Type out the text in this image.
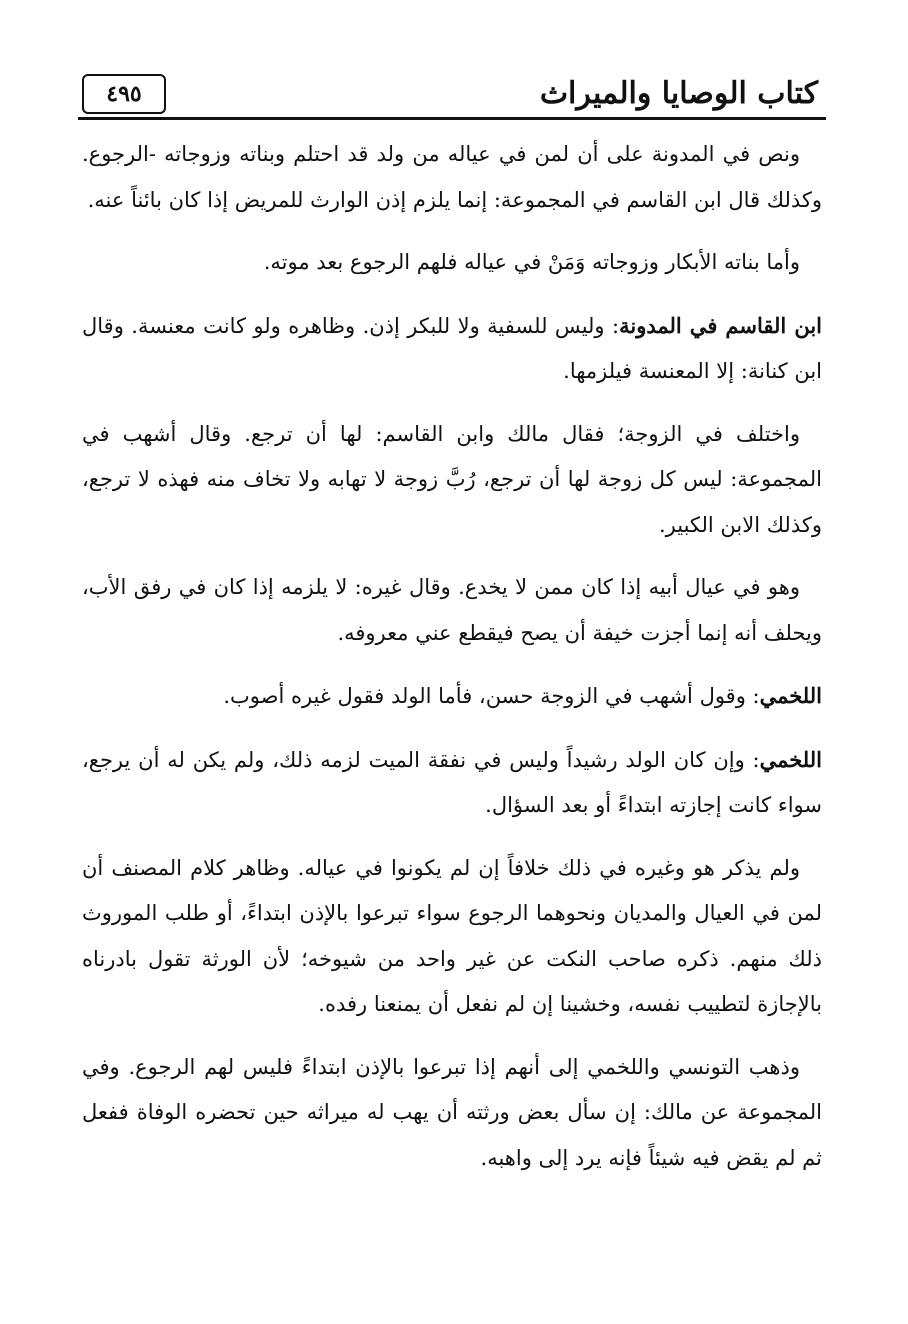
كتاب الوصايا والميراث
٤٩٥

ونص في المدونة على أن لمن في عياله من ولد قد احتلم وبناته وزوجاته -الرجوع. وكذلك قال ابن القاسم في المجموعة: إنما يلزم إذن الوارث للمريض إذا كان بائناً عنه.

وأما بناته الأبكار وزوجاته وَمَنْ في عياله فلهم الرجوع بعد موته.

ابن القاسم في المدونة: وليس للسفية ولا للبكر إذن. وظاهره ولو كانت معنسة. وقال ابن كنانة: إلا المعنسة فيلزمها.

واختلف في الزوجة؛ فقال مالك وابن القاسم: لها أن ترجع. وقال أشهب في المجموعة: ليس كل زوجة لها أن ترجع، رُبَّ زوجة لا تهابه ولا تخاف منه فهذه لا ترجع، وكذلك الابن الكبير.

وهو في عيال أبيه إذا كان ممن لا يخدع. وقال غيره: لا يلزمه إذا كان في رفق الأب، ويحلف أنه إنما أجزت خيفة أن يصح فيقطع عني معروفه.

اللخمي: وقول أشهب في الزوجة حسن، فأما الولد فقول غيره أصوب.

اللخمي: وإن كان الولد رشيداً وليس في نفقة الميت لزمه ذلك، ولم يكن له أن يرجع، سواء كانت إجازته ابتداءً أو بعد السؤال.

ولم يذكر هو وغيره في ذلك خلافاً إن لم يكونوا في عياله. وظاهر كلام المصنف أن لمن في العيال والمديان ونحوهما الرجوع سواء تبرعوا بالإذن ابتداءً، أو طلب الموروث ذلك منهم. ذكره صاحب النكت عن غير واحد من شيوخه؛ لأن الورثة تقول بادرناه بالإجازة لتطييب نفسه، وخشينا إن لم نفعل أن يمنعنا رفده.

وذهب التونسي واللخمي إلى أنهم إذا تبرعوا بالإذن ابتداءً فليس لهم الرجوع. وفي المجموعة عن مالك: إن سأل بعض ورثته أن يهب له ميراثه حين تحضره الوفاة ففعل ثم لم يقض فيه شيئاً فإنه يرد إلى واهبه.
